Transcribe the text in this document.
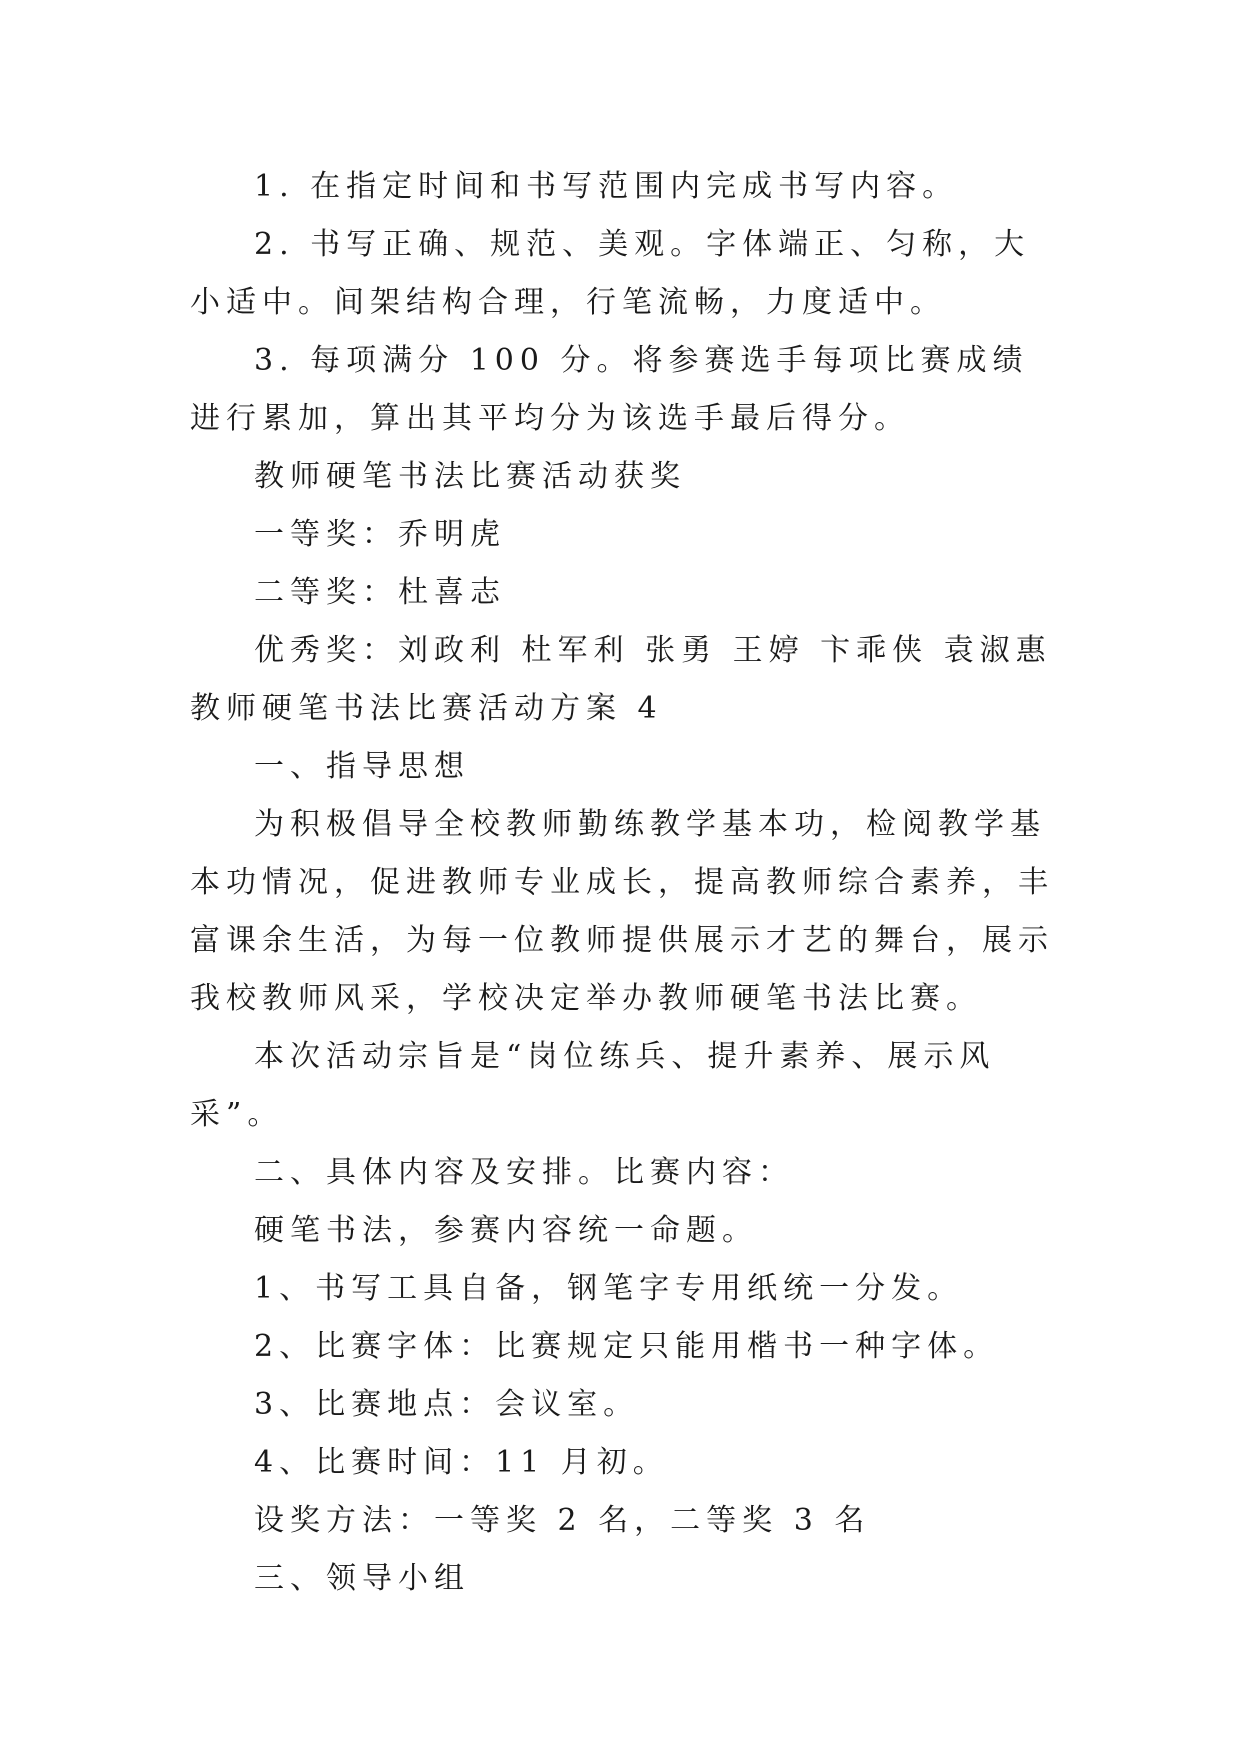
1. 在指定时间和书写范围内完成书写内容。

2. 书写正确、规范、美观。字体端正、匀称，大小适中。间架结构合理，行笔流畅，力度适中。

3. 每项满分 100 分。将参赛选手每项比赛成绩进行累加，算出其平均分为该选手最后得分。

教师硬笔书法比赛活动获奖

一等奖：乔明虎

二等奖：杜喜志

优秀奖：刘政利 杜军利 张勇 王婷 卞乖侠 袁淑惠

教师硬笔书法比赛活动方案 4

一、指导思想

为积极倡导全校教师勤练教学基本功，检阅教学基本功情况，促进教师专业成长，提高教师综合素养，丰富课余生活，为每一位教师提供展示才艺的舞台，展示我校教师风采，学校决定举办教师硬笔书法比赛。

本次活动宗旨是“岗位练兵、提升素养、展示风采”。

二、具体内容及安排。比赛内容：

硬笔书法，参赛内容统一命题。

1、书写工具自备，钢笔字专用纸统一分发。

2、比赛字体：比赛规定只能用楷书一种字体。

3、比赛地点：会议室。

4、比赛时间：11 月初。

设奖方法：一等奖 2 名，二等奖 3 名

三、领导小组
